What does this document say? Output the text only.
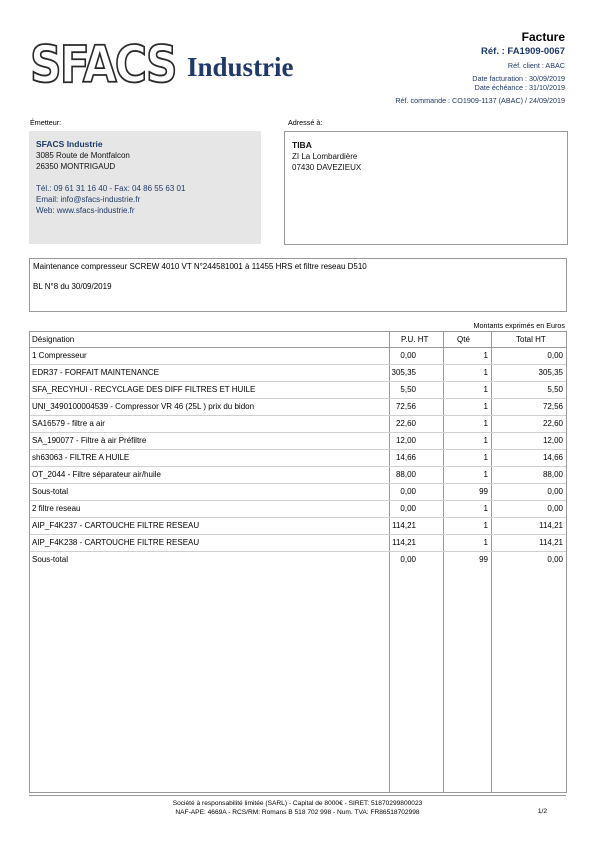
SFACS Industrie
Facture
Réf. : FA1909-0067
Réf. client : ABAC
Date facturation : 30/09/2019
Date échéance : 31/10/2019
Réf. commande : CO1909-1137 (ABAC) / 24/09/2019
Émetteur:
SFACS Industrie
3085 Route de Montfalcon
26350 MONTRIGAUD
Tél.: 09 61 31 16 40 - Fax: 04 86 55 63 01
Email: info@sfacs-industrie.fr
Web: www.sfacs-industrie.fr
Adressé à:
TIBA
ZI La Lombardière
07430 DAVEZIEUX
Maintenance compresseur SCREW 4010 VT N°244581001 à 11455 HRS et filtre reseau D510
BL N°8 du 30/09/2019
Montants exprimés en Euros
Désignation	P.U. HT	Qté	Total HT
1 Compresseur	0,00	1	0,00
EDR37 - FORFAIT MAINTENANCE	305,35	1	305,35
SFA_RECYHUI - RECYCLAGE DES DIFF FILTRES ET HUILE	5,50	1	5,50
UNI_3490100004539 - Compressor VR 46 (25L ) prix du bidon	72,56	1	72,56
SA16579 - filtre a air	22,60	1	22,60
SA_190077 - Filtre à air Préfiltre	12,00	1	12,00
sh63063 - FILTRE A HUILE	14,66	1	14,66
OT_2044 - Filtre séparateur air/huile	88,00	1	88,00
Sous-total	0,00	99	0,00
2 filtre reseau	0,00	1	0,00
AIP_F4K237 - CARTOUCHE FILTRE RESEAU	114,21	1	114,21
AIP_F4K238 - CARTOUCHE FILTRE RESEAU	114,21	1	114,21
Sous-total	0,00	99	0,00
Société à responsabilité limitée (SARL) - Capital de 8000€ - SIRET: 51870299800023
NAF-APE: 4669A - RCS/RM: Romans B 518 702 998 - Num. TVA: FR86518702998	1/2
